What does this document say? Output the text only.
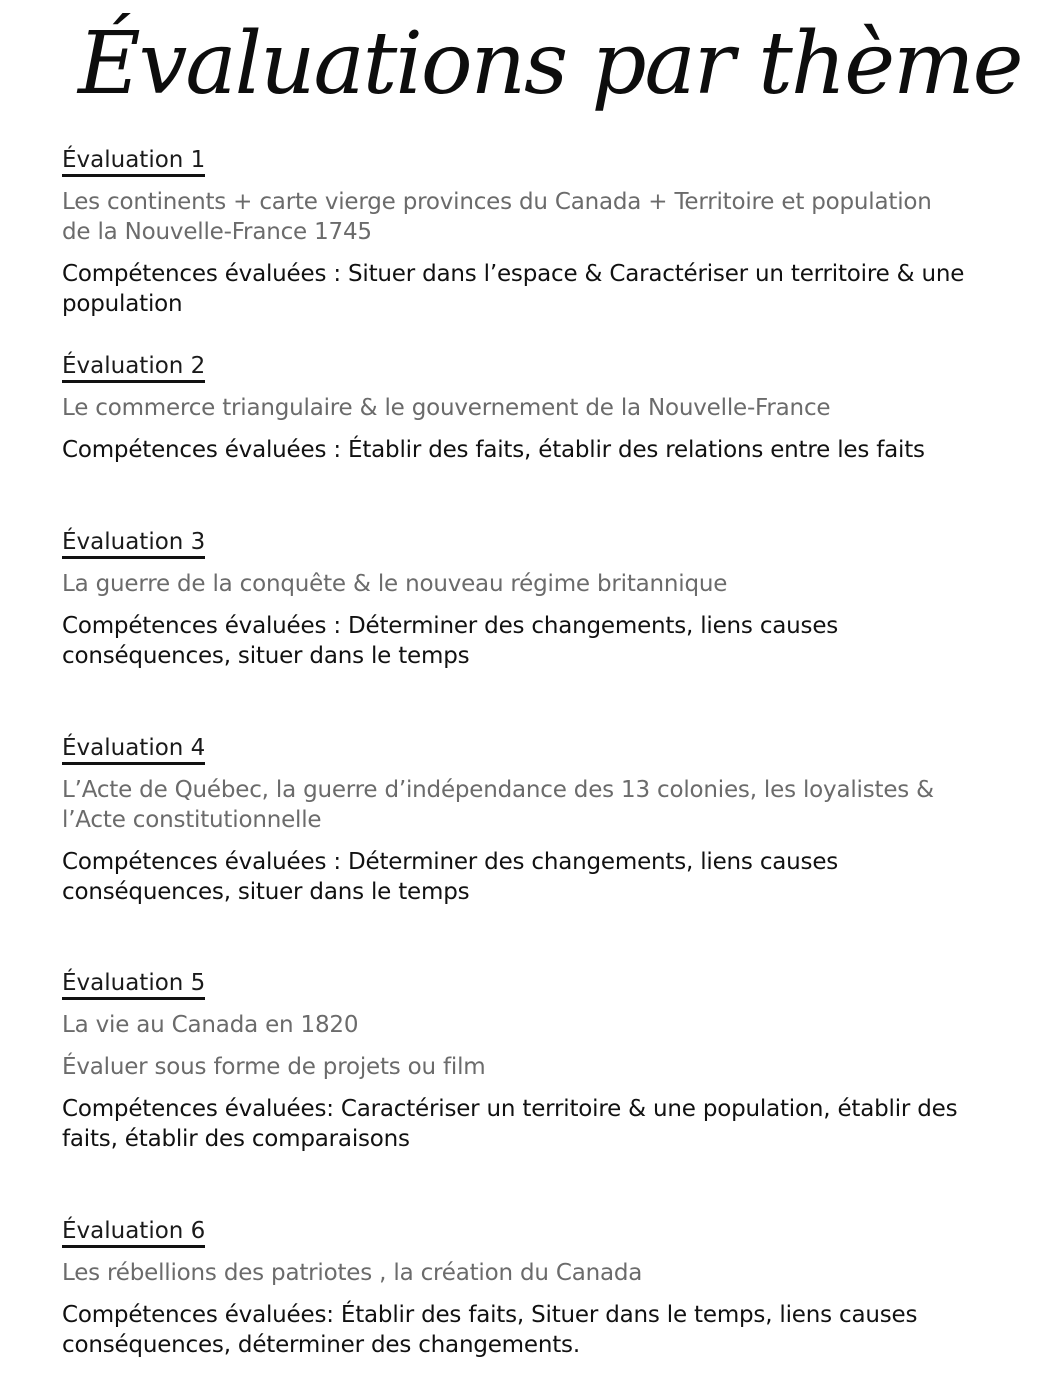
Évaluations par thème
Évaluation 1
Les continents + carte vierge provinces du Canada + Territoire et population de la Nouvelle-France 1745
Compétences évaluées : Situer dans l’espace & Caractériser un territoire & une population
Évaluation 2
Le commerce triangulaire & le gouvernement de la Nouvelle-France
Compétences évaluées : Établir des faits, établir des relations entre les faits
Évaluation 3
La guerre de la conquête & le nouveau régime britannique
Compétences évaluées : Déterminer des changements, liens causes conséquences, situer dans le temps
Évaluation 4
L’Acte de Québec, la guerre d’indépendance des 13 colonies, les loyalistes & l’Acte constitutionnelle
Compétences évaluées : Déterminer des changements, liens causes conséquences, situer dans le temps
Évaluation 5
La vie au Canada en 1820
Évaluer sous forme de projets ou film
Compétences évaluées: Caractériser un territoire & une population, établir des faits, établir des comparaisons
Évaluation 6
Les rébellions des patriotes , la création du Canada
Compétences évaluées: Établir des faits, Situer dans le temps, liens causes conséquences, déterminer des changements.
